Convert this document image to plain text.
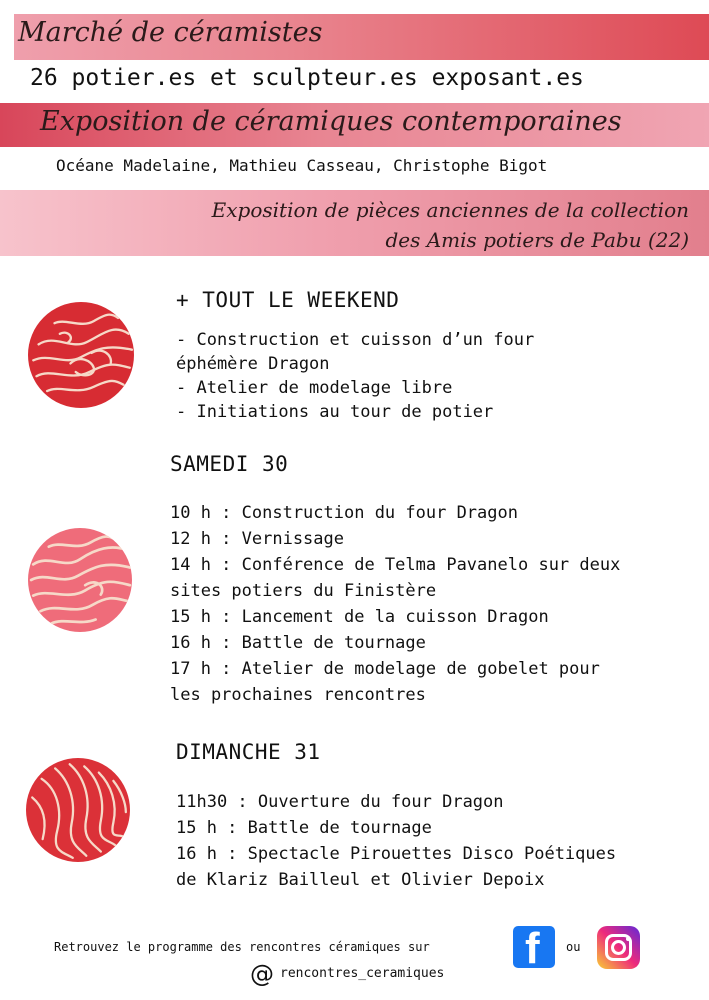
Marché de céramistes
26 potier.es et sculpteur.es exposant.es
Exposition de céramiques contemporaines
Océane Madelaine, Mathieu Casseau, Christophe Bigot
Exposition de pièces anciennes de la collection
des Amis potiers de Pabu (22)
+ TOUT LE WEEKEND
- Construction et cuisson d’un four
éphémère Dragon
- Atelier de modelage libre
- Initiations au tour de potier
SAMEDI 30
10 h : Construction du four Dragon
12 h : Vernissage
14 h : Conférence de Telma Pavanelo sur deux
sites potiers du Finistère
15 h : Lancement de la cuisson Dragon
16 h : Battle de tournage
17 h : Atelier de modelage de gobelet pour
les prochaines rencontres
DIMANCHE 31
11h30 : Ouverture du four Dragon
15 h : Battle de tournage
16 h : Spectacle Pirouettes Disco Poétiques
de Klariz Bailleul et Olivier Depoix
Retrouvez le programme des rencontres céramiques sur f ou
@ rencontres_ceramiques
